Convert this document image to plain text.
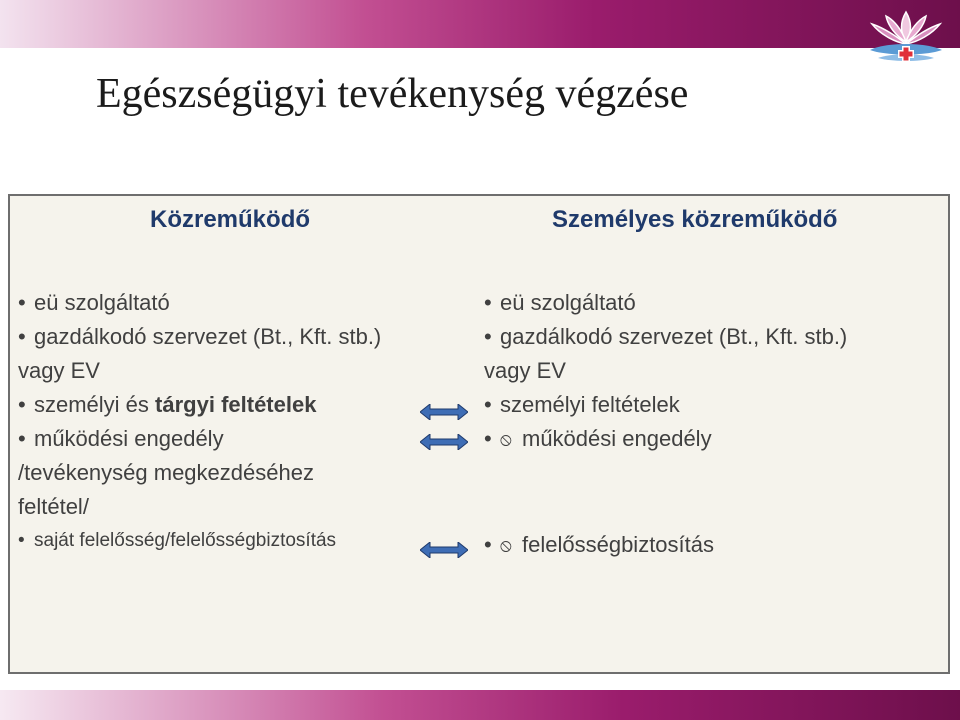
Egészségügyi tevékenység végzése
Közreműködő	Személyes közreműködő
• eü szolgáltató
• gazdálkodó szervezet (Bt., Kft. stb.)
vagy EV
• személyi és tárgyi feltételek
• működési engedély
/tevékenység megkezdéséhez
feltétel/
• saját felelősség/felelősségbiztosítás
• eü szolgáltató
• gazdálkodó szervezet (Bt., Kft. stb.)
vagy EV
• személyi feltételek
• ⦸ működési engedély
• ⦸ felelősségbiztosítás
